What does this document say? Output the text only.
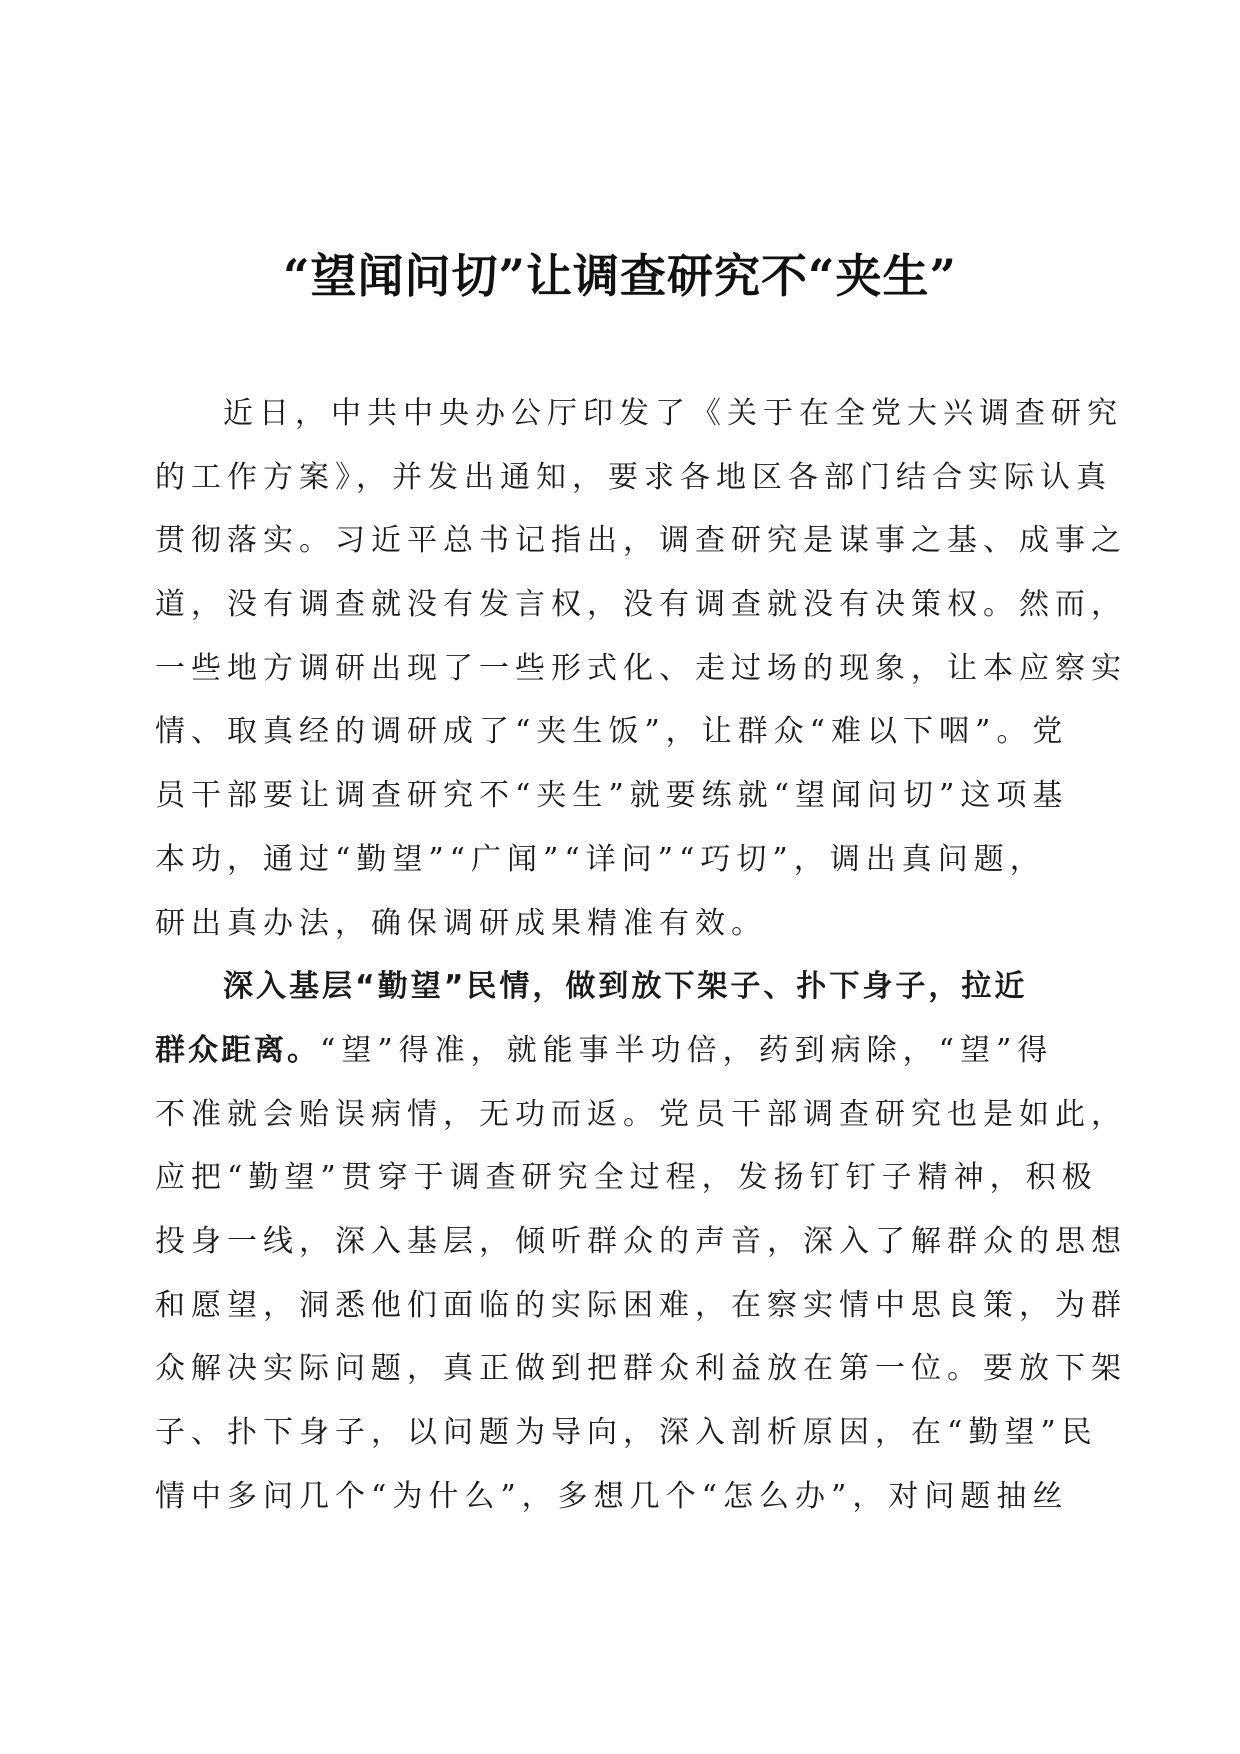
“望闻问切”让调查研究不“夹生”
近日，中共中央办公厅印发了《关于在全党大兴调查研究
的工作方案》，并发出通知，要求各地区各部门结合实际认真
贯彻落实。习近平总书记指出，调查研究是谋事之基、成事之
道，没有调查就没有发言权，没有调查就没有决策权。然而，
一些地方调研出现了一些形式化、走过场的现象，让本应察实
情、取真经的调研成了“夹生饭”，让群众“难以下咽”。党
员干部要让调查研究不“夹生”就要练就“望闻问切”这项基
本功，通过“勤望”“广闻”“详问”“巧切”，调出真问题，
研出真办法，确保调研成果精准有效。
深入基层“勤望”民情，做到放下架子、扑下身子，拉近
群众距离。“望”得准，就能事半功倍，药到病除，“望”得
不准就会贻误病情，无功而返。党员干部调查研究也是如此，
应把“勤望”贯穿于调查研究全过程，发扬钉钉子精神，积极
投身一线，深入基层，倾听群众的声音，深入了解群众的思想
和愿望，洞悉他们面临的实际困难，在察实情中思良策，为群
众解决实际问题，真正做到把群众利益放在第一位。要放下架
子、扑下身子，以问题为导向，深入剖析原因，在“勤望”民
情中多问几个“为什么”，多想几个“怎么办”，对问题抽丝
